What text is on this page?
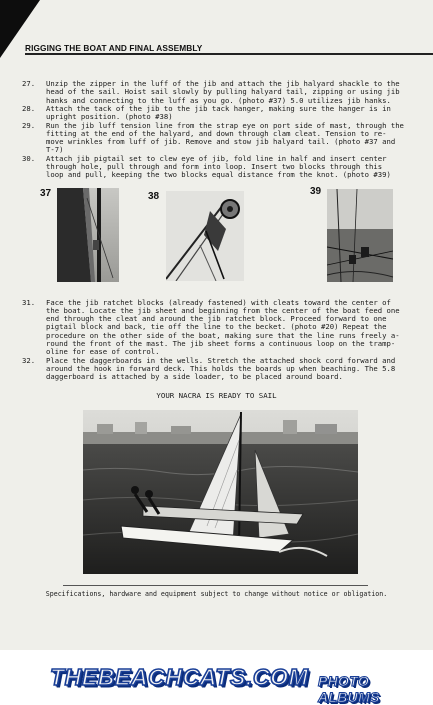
RIGGING THE BOAT AND FINAL ASSEMBLY
27.	Unzip the zipper in the luff of the jib and attach the jib halyard shackle to the
head of the sail. Hoist sail slowly by pulling halyard tail, zipping or using jib
hanks and connecting to the luff as you go. (photo #37) 5.0 utilizes jib hanks.
28.	Attach the tack of the jib to the jib tack hanger, making sure the hanger is in
upright position. (photo #38)
29.	Run the jib luff tension line from the strap eye on port side of mast, through the
fitting at the end of the halyard, and down through clam cleat. Tension to re-
move wrinkles from luff of jib. Remove and stow jib halyard tail. (photo #37 and
T-7)
30.	Attach jib pigtail set to clew eye of jib, fold line in half and insert center
through hole, pull through and form into loop. Insert two blocks through this
loop and pull, keeping the two blocks equal distance from the knot. (photo #39)
37	38	39
31.	Face the jib ratchet blocks (already fastened) with cleats toward the center of
the boat. Locate the jib sheet and beginning from the center of the boat feed one
end through the cleat and around the jib ratchet block. Proceed forward to one
pigtail block and back, tie off the line to the becket. (photo #20) Repeat the
procedure on the other side of the boat, making sure that the line runs freely a-
round the front of the mast. The jib sheet forms a continuous loop on the tramp-
oline for ease of control.
32.	Place the daggerboards in the wells. Stretch the attached shock cord forward and
around the hook in forward deck. This holds the boards up when beaching. The 5.8
daggerboard is attached by a side loader, to be placed around board.
YOUR NACRA IS READY TO SAIL
Specifications, hardware and equipment subject to change without notice or obligation.
THEBEACHCATS.COM PHOTO ALBUMS
